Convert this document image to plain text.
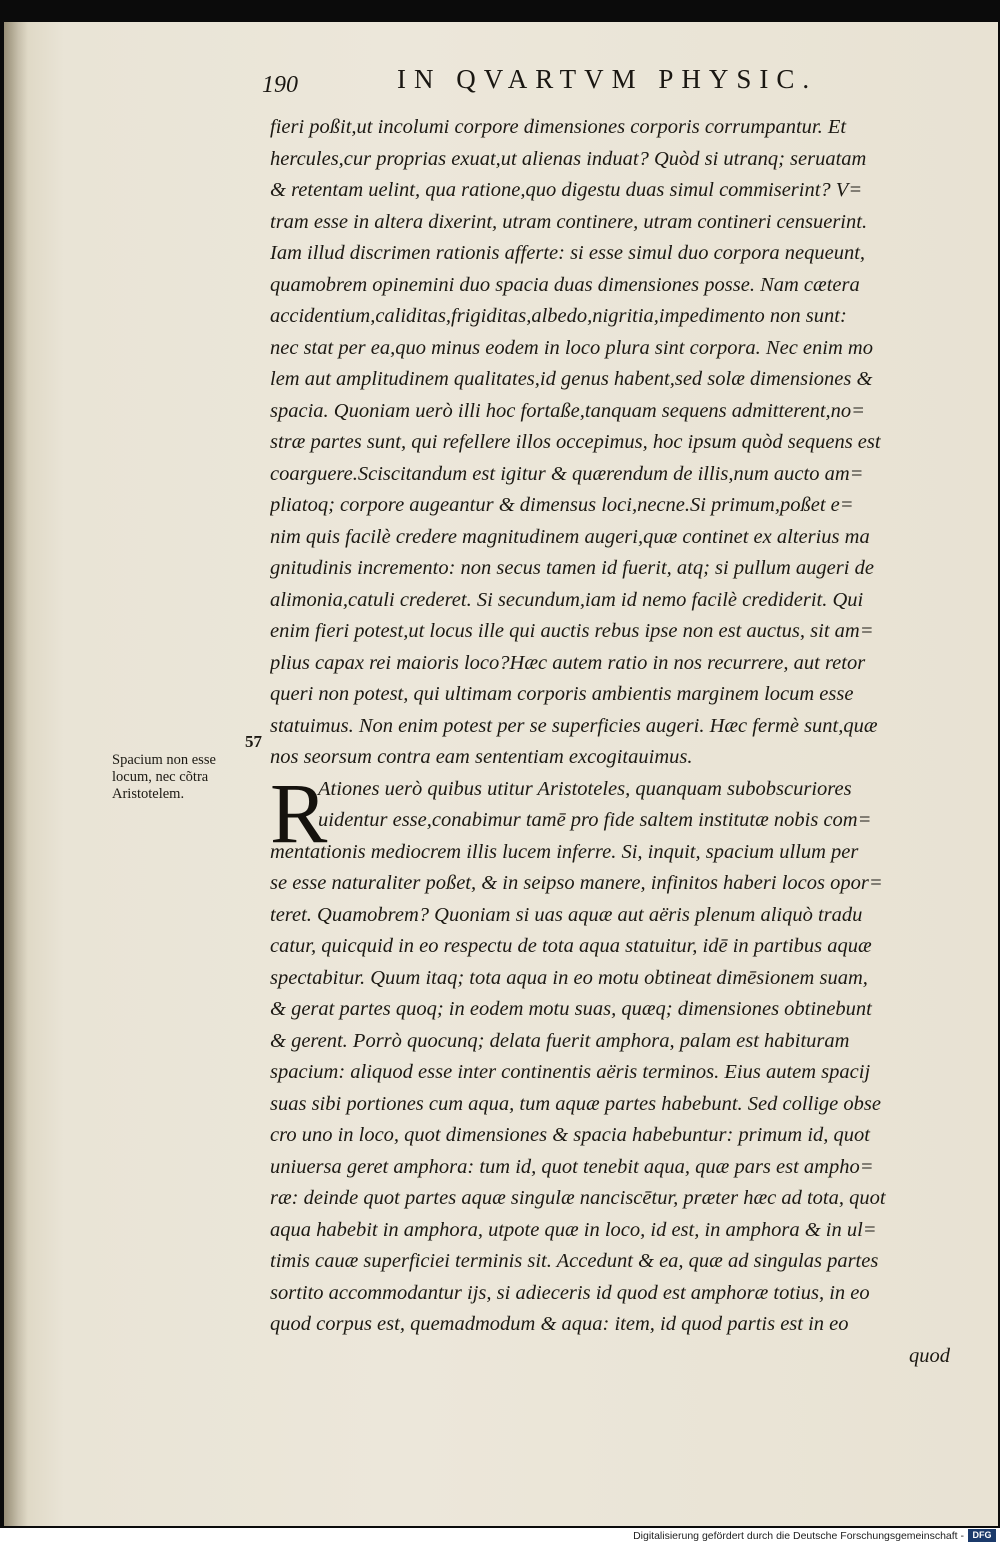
190	IN QVARTVM PHYSIC.
57
Spacium non esse
locum, nec cõtra
Aristotelem.
fieri poßit,ut incolumi corpore dimensiones corporis corrumpantur. Et
hercules,cur proprias exuat,ut alienas induat? Quòd si utranq; seruatam
& retentam uelint, qua ratione,quo digestu duas simul commiserint? V=
tram esse in altera dixerint, utram continere, utram contineri censuerint.
Iam illud discrimen rationis afferte: si esse simul duo corpora nequeunt,
quamobrem opinemini duo spacia duas dimensiones posse. Nam cætera
accidentium,caliditas,frigiditas,albedo,nigritia,impedimento non sunt:
nec stat per ea,quo minus eodem in loco plura sint corpora. Nec enim mo
lem aut amplitudinem qualitates,id genus habent,sed solæ dimensiones &
spacia. Quoniam uerò illi hoc fortaße,tanquam sequens admitterent,no=
stræ partes sunt, qui refellere illos occepimus, hoc ipsum quòd sequens est
coarguere.Sciscitandum est igitur & quærendum de illis,num aucto am=
pliatoq; corpore augeantur & dimensus loci,necne.Si primum,poßet e=
nim quis facilè credere magnitudinem augeri,quæ continet ex alterius ma
gnitudinis incremento: non secus tamen id fuerit, atq; si pullum augeri de
alimonia,catuli crederet. Si secundum,iam id nemo facilè crediderit. Qui
enim fieri potest,ut locus ille qui auctis rebus ipse non est auctus, sit am=
plius capax rei maioris loco?Hæc autem ratio in nos recurrere, aut retor
queri non potest, qui ultimam corporis ambientis marginem locum esse
statuimus. Non enim potest per se superficies augeri. Hæc fermè sunt,quæ
nos seorsum contra eam sententiam excogitauimus.
R
Ationes uerò quibus utitur Aristoteles, quanquam subobscuriores
uidentur esse,conabimur tamē pro fide saltem institutæ nobis com=
mentationis mediocrem illis lucem inferre. Si, inquit, spacium ullum per
se esse naturaliter poßet, & in seipso manere, infinitos haberi locos opor=
teret. Quamobrem? Quoniam si uas aquæ aut aëris plenum aliquò tradu
catur, quicquid in eo respectu de tota aqua statuitur, idē in partibus aquæ
spectabitur. Quum itaq; tota aqua in eo motu obtineat dimēsionem suam,
& gerat partes quoq; in eodem motu suas, quæq; dimensiones obtinebunt
& gerent. Porrò quocunq; delata fuerit amphora, palam est habituram
spacium: aliquod esse inter continentis aëris terminos. Eius autem spacij
suas sibi portiones cum aqua, tum aquæ partes habebunt. Sed collige obse
cro uno in loco, quot dimensiones & spacia habebuntur: primum id, quot
uniuersa geret amphora: tum id, quot tenebit aqua, quæ pars est ampho=
ræ: deinde quot partes aquæ singulæ nanciscētur, præter hæc ad tota, quot
aqua habebit in amphora, utpote quæ in loco, id est, in amphora & in ul=
timis cauæ superficiei terminis sit. Accedunt & ea, quæ ad singulas partes
sortito accommodantur ijs, si adieceris id quod est amphoræ totius, in eo
quod corpus est, quemadmodum & aqua: item, id quod partis est in eo
quod
Digitalisierung gefördert durch die Deutsche Forschungsgemeinschaft - DFG
